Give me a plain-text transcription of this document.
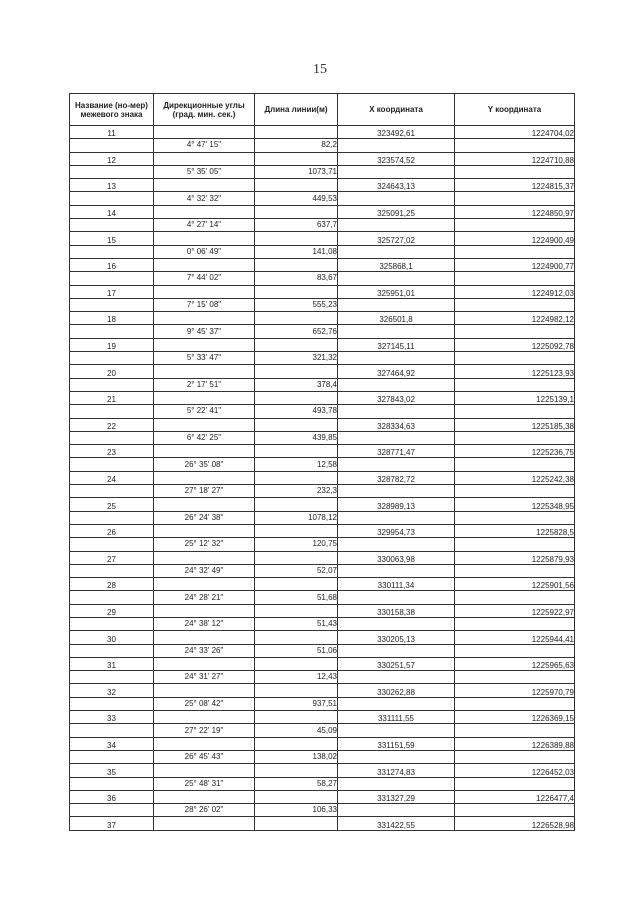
15
Название (но-мер) межевого знака	Дирекционные углы (град. мин. сек.)	Длина линии(м)	X координата	Y координата
11			323492,61	1224704,02
	4° 47' 15"	82,2		
12			323574,52	1224710,88
	5° 35' 05"	1073,71		
13			324643,13	1224815,37
	4° 32' 32"	449,53		
14			325091,25	1224850,97
	4° 27' 14"	637,7		
15			325727,02	1224900,49
	0° 06' 49"	141,08		
16			325868,1	1224900,77
	7° 44' 02"	83,67		
17			325951,01	1224912,03
	7° 15' 08"	555,23		
18			326501,8	1224982,12
	9° 45' 37"	652,76		
19			327145,11	1225092,78
	5° 33' 47"	321,32		
20			327464,92	1225123,93
	2° 17' 51"	378,4		
21			327843,02	1225139,1
	5° 22' 41"	493,78		
22			328334,63	1225185,38
	6° 42' 25"	439,85		
23			328771,47	1225236,75
	26° 35' 08"	12,58		
24			328782,72	1225242,38
	27° 18' 27"	232,3		
25			328989,13	1225348,95
	26° 24' 38"	1078,12		
26			329954,73	1225828,5
	25° 12' 32"	120,75		
27			330063,98	1225879,93
	24° 32' 49"	52,07		
28			330111,34	1225901,56
	24° 28' 21"	51,68		
29			330158,38	1225922,97
	24° 38' 12"	51,43		
30			330205,13	1225944,41
	24° 33' 26"	51,06		
31			330251,57	1225965,63
	24° 31' 27"	12,43		
32			330262,88	1225970,79
	25° 08' 42"	937,51		
33			331111,55	1226369,15
	27° 22' 19"	45,09		
34			331151,59	1226389,88
	26° 45' 43"	138,02		
35			331274,83	1226452,03
	25° 48' 31"	58,27		
36			331327,29	1226477,4
	28° 26' 02"	106,33		
37			331422,55	1226528,98
